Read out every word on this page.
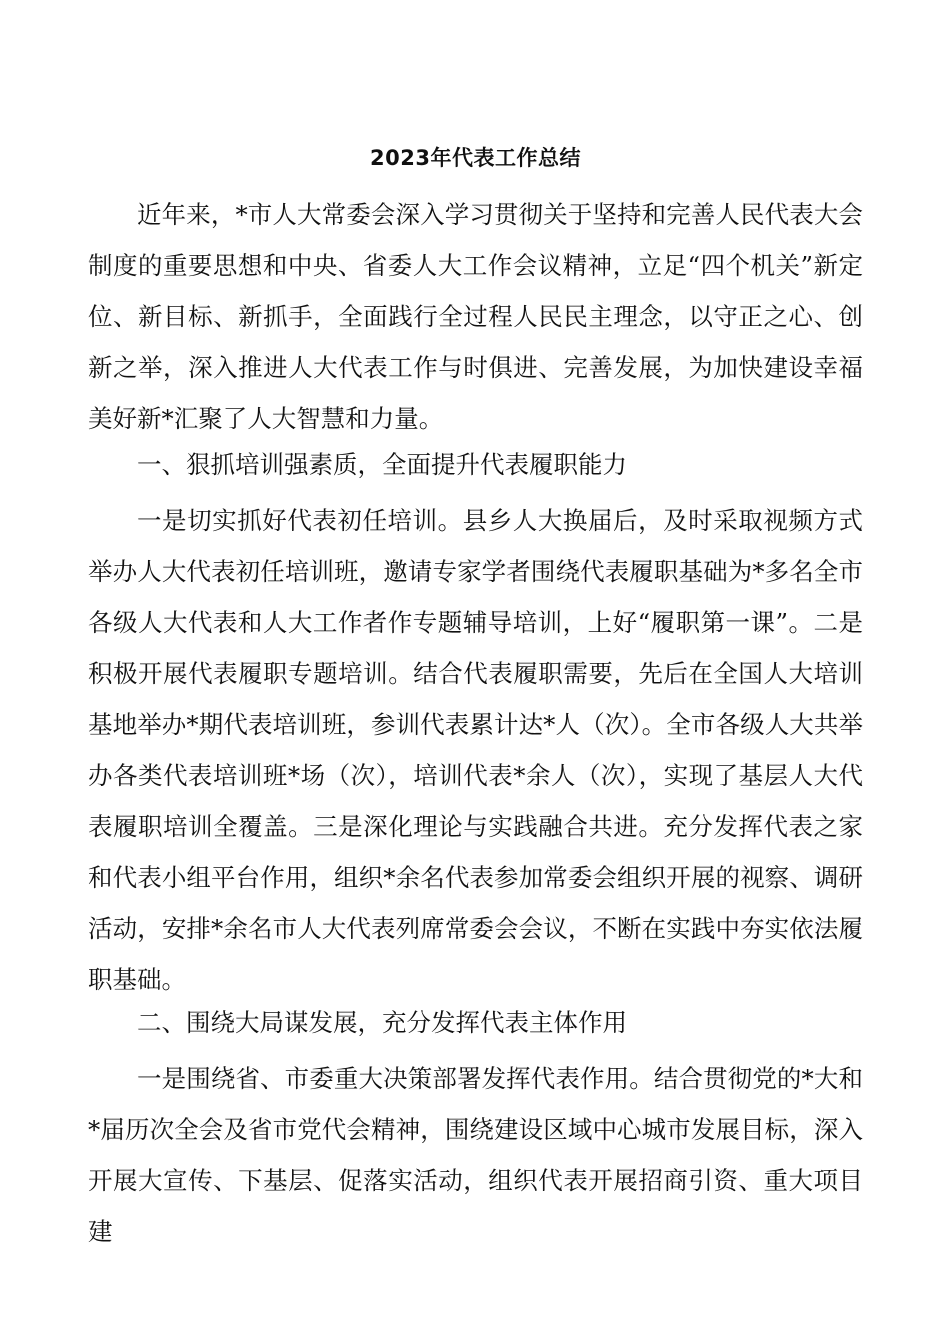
2023年代表工作总结

近年来，*市人大常委会深入学习贯彻关于坚持和完善人民代表大会制度的重要思想和中央、省委人大工作会议精神，立足“四个机关”新定位、新目标、新抓手，全面践行全过程人民民主理念，以守正之心、创新之举，深入推进人大代表工作与时俱进、完善发展，为加快建设幸福美好新*汇聚了人大智慧和力量。

一、狠抓培训强素质，全面提升代表履职能力

一是切实抓好代表初任培训。县乡人大换届后，及时采取视频方式举办人大代表初任培训班，邀请专家学者围绕代表履职基础为*多名全市各级人大代表和人大工作者作专题辅导培训，上好“履职第一课”。二是积极开展代表履职专题培训。结合代表履职需要，先后在全国人大培训基地举办*期代表培训班，参训代表累计达*人（次）。全市各级人大共举办各类代表培训班*场（次），培训代表*余人（次），实现了基层人大代表履职培训全覆盖。三是深化理论与实践融合共进。充分发挥代表之家和代表小组平台作用，组织*余名代表参加常委会组织开展的视察、调研活动，安排*余名市人大代表列席常委会会议，不断在实践中夯实依法履职基础。

二、围绕大局谋发展，充分发挥代表主体作用

一是围绕省、市委重大决策部署发挥代表作用。结合贯彻党的*大和*届历次全会及省市党代会精神，围绕建设区域中心城市发展目标，深入开展大宣传、下基层、促落实活动，组织代表开展招商引资、重大项目建
